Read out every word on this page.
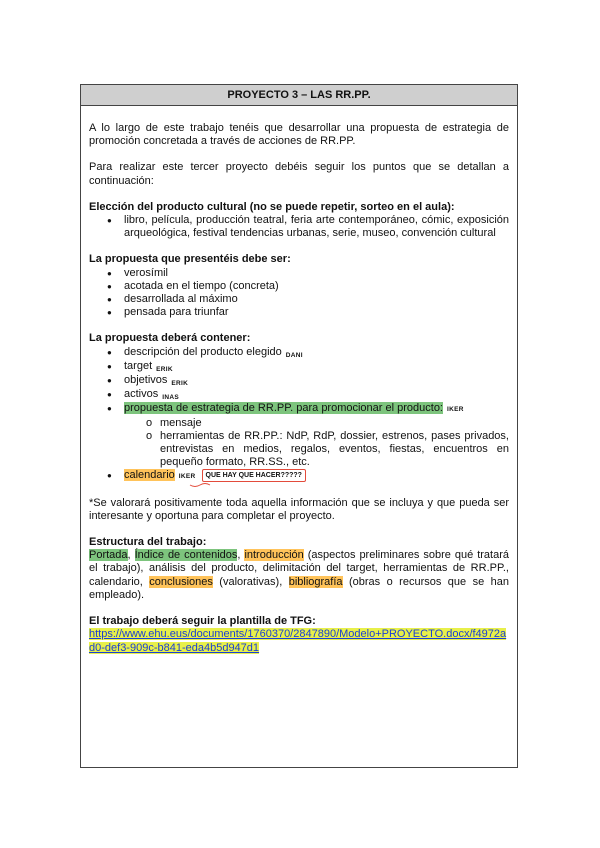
PROYECTO 3 – LAS RR.PP.

A lo largo de este trabajo tenéis que desarrollar una propuesta de estrategia de promoción concretada a través de acciones de RR.PP.

Para realizar este tercer proyecto debéis seguir los puntos que se detallan a continuación:

Elección del producto cultural (no se puede repetir, sorteo en el aula):

● libro, película, producción teatral, feria arte contemporáneo, cómic, exposición arqueológica, festival tendencias urbanas, serie, museo, convención cultural

La propuesta que presentéis debe ser:

● verosímil
● acotada en el tiempo (concreta)
● desarrollada al máximo
● pensada para triunfar

La propuesta deberá contener:

● descripción del producto elegido DANI
● target ERIK
● objetivos ERIK
● activos INAS
● propuesta de estrategia de RR.PP. para promocionar el producto: IKER
o mensaje
o herramientas de RR.PP.: NdP, RdP, dossier, estrenos, pases privados, entrevistas en medios, regalos, eventos, fiestas, encuentros en pequeño formato, RR.SS., etc.
● calendario IKER QUE HAY QUE HACER?????

*Se valorará positivamente toda aquella información que se incluya y que pueda ser interesante y oportuna para completar el proyecto.

Estructura del trabajo:

Portada, Índice de contenidos, introducción (aspectos preliminares sobre qué tratará el trabajo), análisis del producto, delimitación del target, herramientas de RR.PP., calendario, conclusiones (valorativas), bibliografía (obras o recursos que se han empleado).

El trabajo deberá seguir la plantilla de TFG:

https://www.ehu.eus/documents/1760370/2847890/Modelo+PROYECTO.docx/f4972ad0-def3-909c-b841-eda4b5d947d1
